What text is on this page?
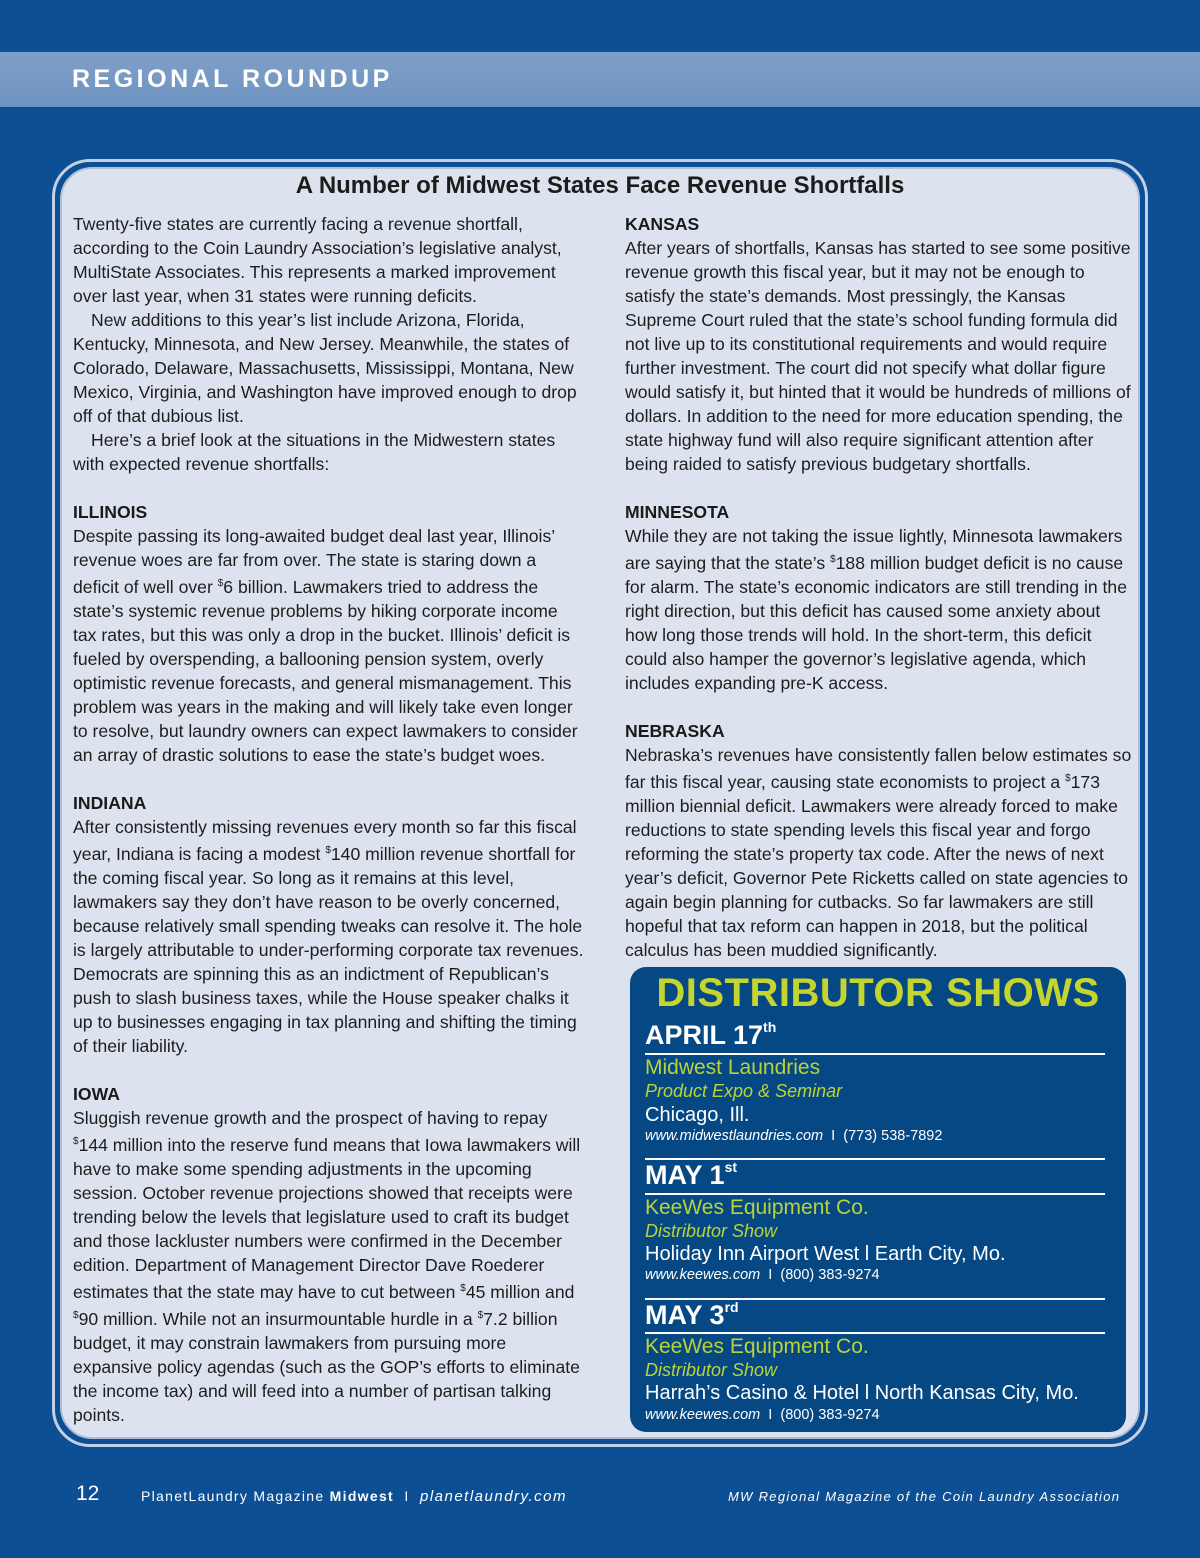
REGIONAL ROUNDUP
A Number of Midwest States Face Revenue Shortfalls

Twenty-five states are currently facing a revenue shortfall, according to the Coin Laundry Association’s legislative analyst, MultiState Associates. This represents a marked improvement over last year, when 31 states were running deficits.

New additions to this year’s list include Arizona, Florida, Kentucky, Minnesota, and New Jersey. Meanwhile, the states of Colorado, Delaware, Massachusetts, Mississippi, Montana, New Mexico, Virginia, and Washington have improved enough to drop off of that dubious list.

Here’s a brief look at the situations in the Midwestern states with expected revenue shortfalls:

ILLINOIS

Despite passing its long-awaited budget deal last year, Illinois’ revenue woes are far from over. The state is staring down a deficit of well over $6 billion. Lawmakers tried to address the state’s systemic revenue problems by hiking corporate income tax rates, but this was only a drop in the bucket. Illinois’ deficit is fueled by overspending, a ballooning pension system, overly optimistic revenue forecasts, and general mismanagement. This problem was years in the making and will likely take even longer to resolve, but laundry owners can expect lawmakers to consider an array of drastic solutions to ease the state’s budget woes.

INDIANA

After consistently missing revenues every month so far this fiscal year, Indiana is facing a modest $140 million revenue shortfall for the coming fiscal year. So long as it remains at this level, lawmakers say they don’t have reason to be overly concerned, because relatively small spending tweaks can resolve it. The hole is largely attributable to under-performing corporate tax revenues. Democrats are spinning this as an indictment of Republican’s push to slash business taxes, while the House speaker chalks it up to businesses engaging in tax planning and shifting the timing of their liability.

IOWA

Sluggish revenue growth and the prospect of having to repay $144 million into the reserve fund means that Iowa lawmakers will have to make some spending adjustments in the upcoming session. October revenue projections showed that receipts were trending below the levels that legislature used to craft its budget and those lackluster numbers were confirmed in the December edition. Department of Management Director Dave Roederer estimates that the state may have to cut between $45 million and $90 million. While not an insurmountable hurdle in a $7.2 billion budget, it may constrain lawmakers from pursuing more expansive policy agendas (such as the GOP’s efforts to eliminate the income tax) and will feed into a number of partisan talking points.

KANSAS

After years of shortfalls, Kansas has started to see some positive revenue growth this fiscal year, but it may not be enough to satisfy the state’s demands. Most pressingly, the Kansas Supreme Court ruled that the state’s school funding formula did not live up to its constitutional requirements and would require further investment. The court did not specify what dollar figure would satisfy it, but hinted that it would be hundreds of millions of dollars. In addition to the need for more education spending, the state highway fund will also require significant attention after being raided to satisfy previous budgetary shortfalls.

MINNESOTA

While they are not taking the issue lightly, Minnesota lawmakers are saying that the state’s $188 million budget deficit is no cause for alarm. The state’s economic indicators are still trending in the right direction, but this deficit has caused some anxiety about how long those trends will hold. In the short-term, this deficit could also hamper the governor’s legislative agenda, which includes expanding pre-K access.

NEBRASKA

Nebraska’s revenues have consistently fallen below estimates so far this fiscal year, causing state economists to project a $173 million biennial deficit. Lawmakers were already forced to make reductions to state spending levels this fiscal year and forgo reforming the state’s property tax code. After the news of next year’s deficit, Governor Pete Ricketts called on state agencies to again begin planning for cutbacks. So far lawmakers are still hopeful that tax reform can happen in 2018, but the political calculus has been muddied significantly.

DISTRIBUTOR SHOWS
APRIL 17th
Midwest Laundries
Product Expo & Seminar
Chicago, Ill.
www.midwestlaundries.com I (773) 538-7892
MAY 1st
KeeWes Equipment Co.
Distributor Show
Holiday Inn Airport West l Earth City, Mo.
www.keewes.com I (800) 383-9274
MAY 3rd
KeeWes Equipment Co.
Distributor Show
Harrah’s Casino & Hotel l North Kansas City, Mo.
www.keewes.com I (800) 383-9274
12	PlanetLaundry Magazine Midwest I planetlaundry.com	MW Regional Magazine of the Coin Laundry Association
